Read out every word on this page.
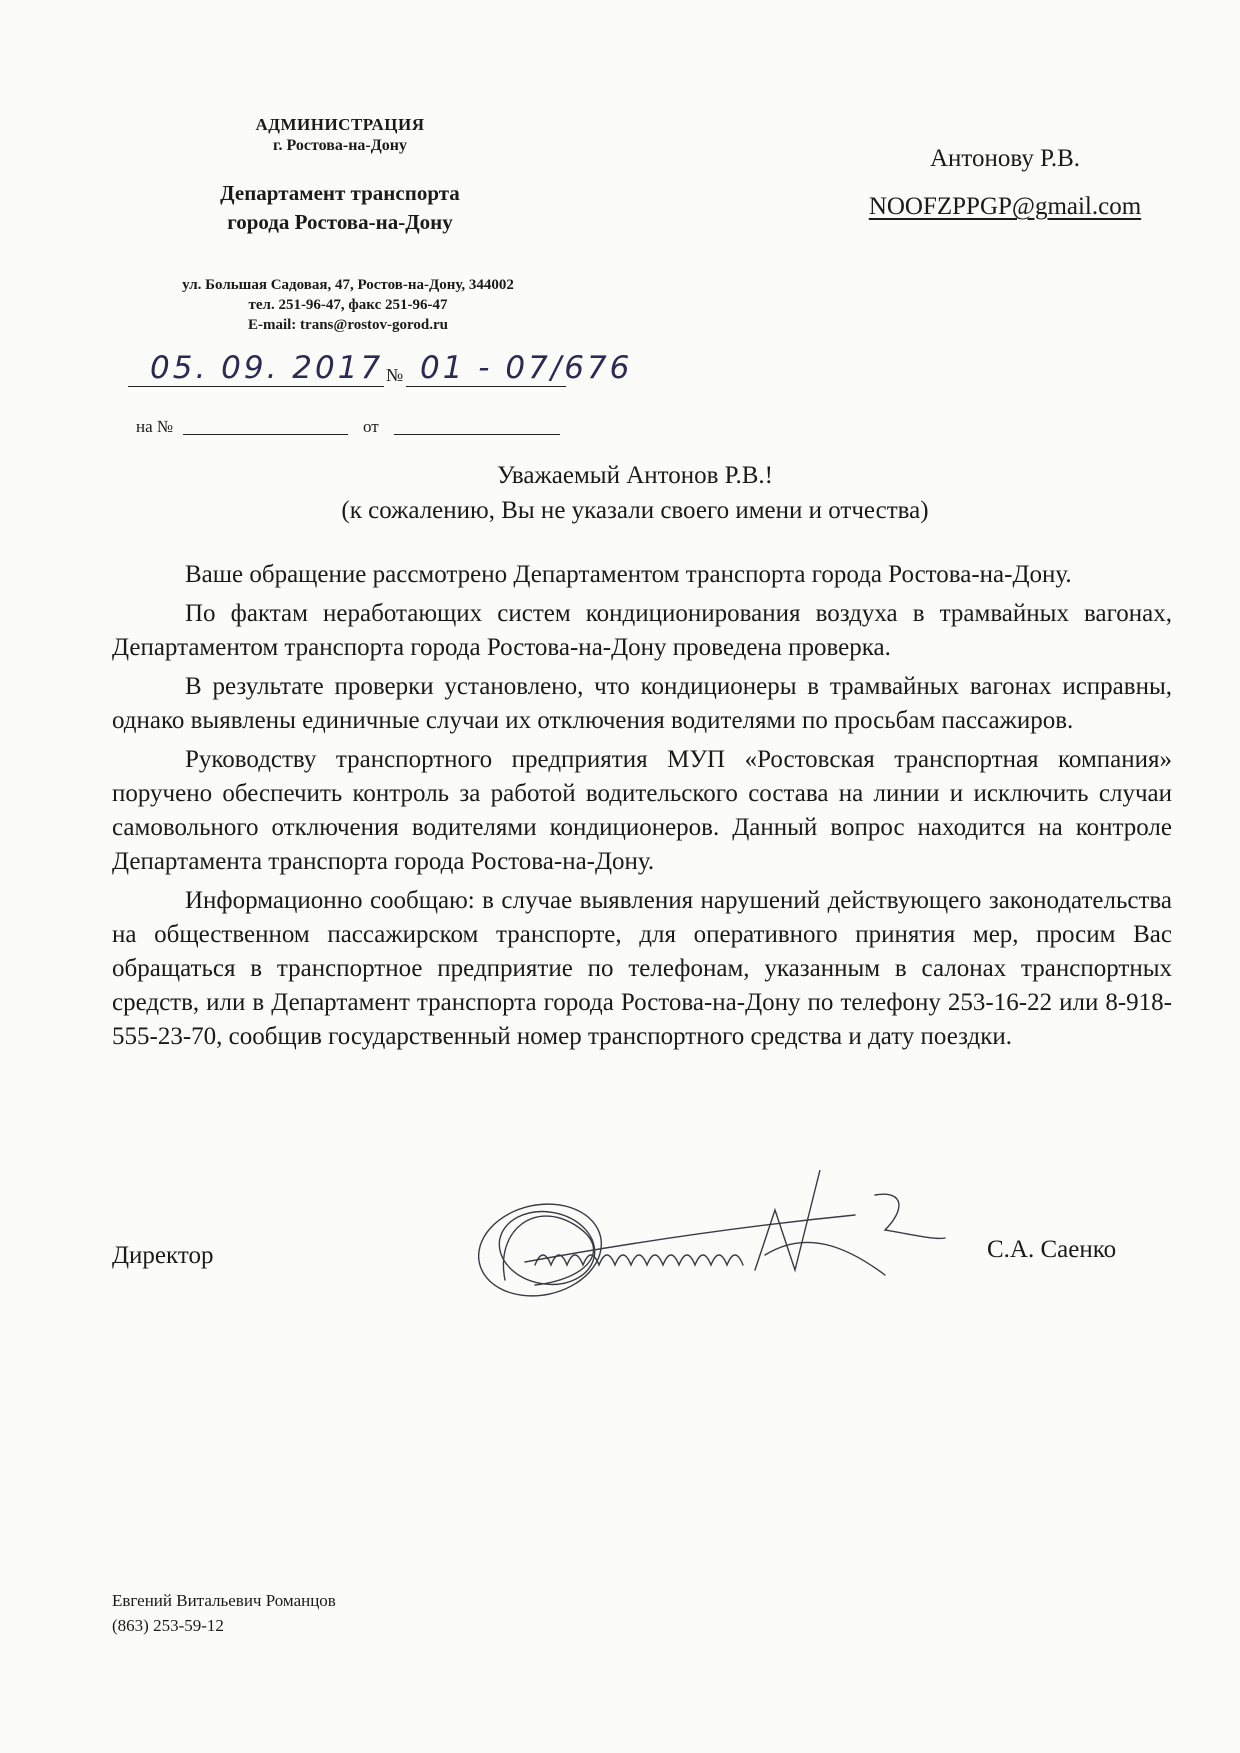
АДМИНИСТРАЦИЯ
г. Ростова-на-Дону
Департамент транспорта
города Ростова-на-Дону
ул. Большая Садовая, 47, Ростов-на-Дону, 344002
тел. 251-96-47, факс 251-96-47
E-mail: trans@rostov-gorod.ru
05. 09. 2017 № 01 - 07/676
на №	от
Антонову Р.В.
NOOFZPPGP@gmail.com
Уважаемый Антонов Р.В.!
(к сожалению, Вы не указали своего имени и отчества)

Ваше обращение рассмотрено Департаментом транспорта города Ростова-на-Дону.

По фактам неработающих систем кондиционирования воздуха в трамвайных вагонах, Департаментом транспорта города Ростова-на-Дону проведена проверка.

В результате проверки установлено, что кондиционеры в трамвайных вагонах исправны, однако выявлены единичные случаи их отключения водителями по просьбам пассажиров.

Руководству транспортного предприятия МУП «Ростовская транспортная компания» поручено обеспечить контроль за работой водительского состава на линии и исключить случаи самовольного отключения водителями кондиционеров. Данный вопрос находится на контроле Департамента транспорта города Ростова-на-Дону.

Информационно сообщаю: в случае выявления нарушений действующего законодательства на общественном пассажирском транспорте, для оперативного принятия мер, просим Вас обращаться в транспортное предприятие по телефонам, указанным в салонах транспортных средств, или в Департамент транспорта города Ростова-на-Дону по телефону 253-16-22 или 8-918-555-23-70, сообщив государственный номер транспортного средства и дату поездки.

Директор	С.А. Саенко
Евгений Витальевич Романцов
(863) 253-59-12
